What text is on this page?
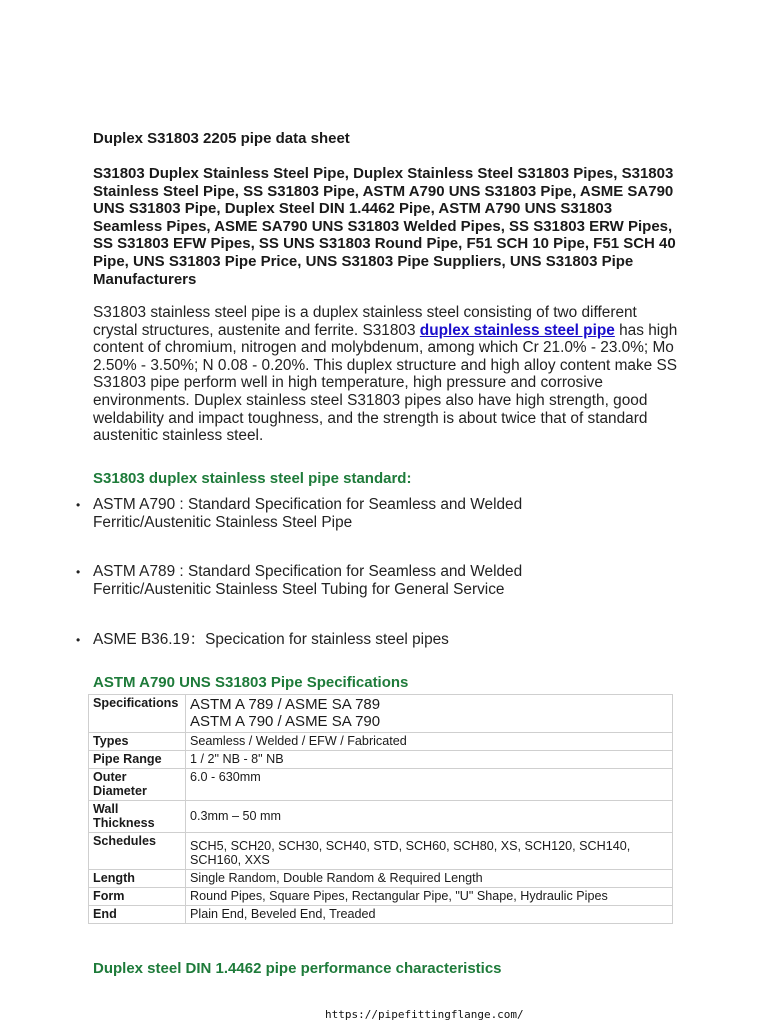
Duplex S31803 2205 pipe data sheet
S31803 Duplex Stainless Steel Pipe, Duplex Stainless Steel S31803 Pipes, S31803 Stainless Steel Pipe, SS S31803 Pipe, ASTM A790 UNS S31803 Pipe, ASME SA790 UNS S31803 Pipe, Duplex Steel DIN 1.4462 Pipe, ASTM A790 UNS S31803 Seamless Pipes, ASME SA790 UNS S31803 Welded Pipes, SS S31803 ERW Pipes, SS S31803 EFW Pipes, SS UNS S31803 Round Pipe, F51 SCH 10 Pipe, F51 SCH 40 Pipe, UNS S31803 Pipe Price, UNS S31803 Pipe Suppliers, UNS S31803 Pipe Manufacturers
S31803 stainless steel pipe is a duplex stainless steel consisting of two different crystal structures, austenite and ferrite. S31803 duplex stainless steel pipe has high content of chromium, nitrogen and molybdenum, among which Cr 21.0% - 23.0%; Mo 2.50% - 3.50%; N 0.08 - 0.20%. This duplex structure and high alloy content make SS S31803 pipe perform well in high temperature, high pressure and corrosive environments. Duplex stainless steel S31803 pipes also have high strength, good weldability and impact toughness, and the strength is about twice that of standard austenitic stainless steel.
S31803 duplex stainless steel pipe standard:
• ASTM A790 : Standard Specification for Seamless and Welded Ferritic/Austenitic Stainless Steel Pipe
• ASTM A789 : Standard Specification for Seamless and Welded Ferritic/Austenitic Stainless Steel Tubing for General Service
• ASME B36.19：Specication for stainless steel pipes
ASTM A790 UNS S31803 Pipe Specifications
Specifications	ASTM A 789 / ASME SA 789
ASTM A 790 / ASME SA 790

Types	Seamless / Welded / EFW / Fabricated
Pipe Range	1 / 2" NB - 8" NB
Outer Diameter	6.0 - 630mm
Wall Thickness	0.3mm – 50 mm
Schedules	SCH5, SCH20, SCH30, SCH40, STD, SCH60, SCH80, XS, SCH120, SCH140, SCH160, XXS
Length	Single Random, Double Random & Required Length
Form	Round Pipes, Square Pipes, Rectangular Pipe, "U" Shape, Hydraulic Pipes
End	Plain End, Beveled End, Treaded
Duplex steel DIN 1.4462 pipe performance characteristics
https://pipefittingflange.com/
